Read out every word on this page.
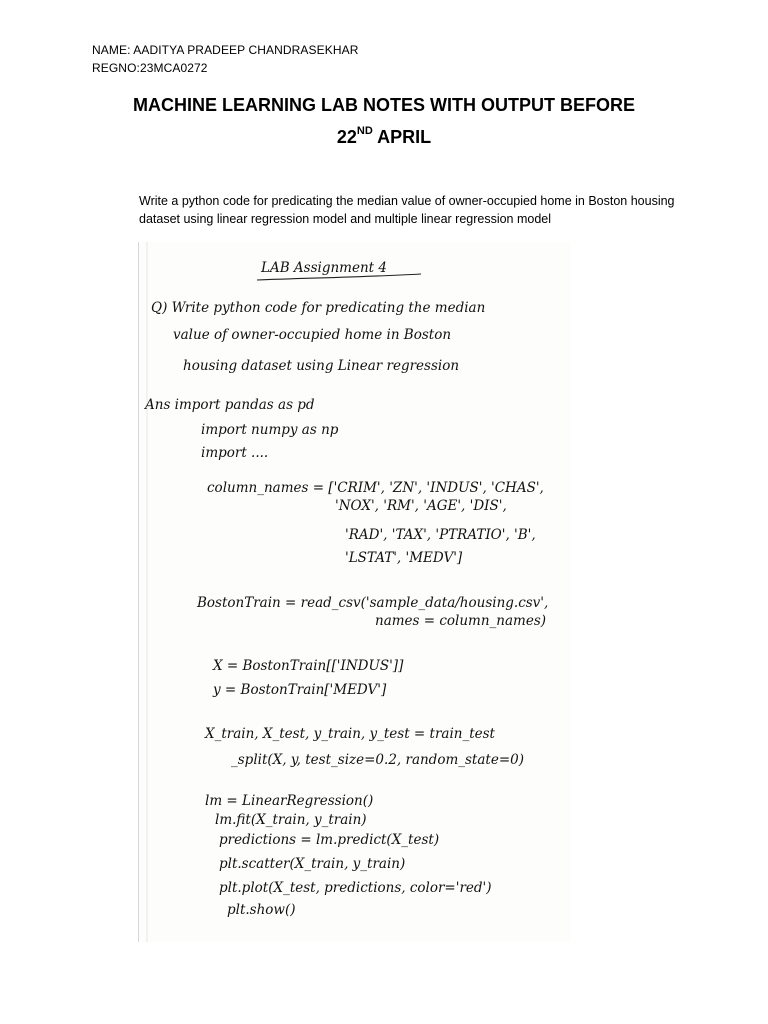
NAME: AADITYA PRADEEP CHANDRASEKHAR
REGNO:23MCA0272
MACHINE LEARNING LAB NOTES WITH OUTPUT BEFORE
22ND APRIL
Write a python code for predicating the median value of owner-occupied home in Boston housing dataset using linear regression model and multiple linear regression model
LAB Assignment 4
Q) Write python code for predicating the median
value of owner-occupied home in Boston
housing dataset using Linear regression
Ans import pandas as pd
import numpy as np
import ....
column_names = ['CRIM', 'ZN', 'INDUS', 'CHAS',
'NOX', 'RM', 'AGE', 'DIS',
'RAD', 'TAX', 'PTRATIO', 'B',
'LSTAT', 'MEDV']
BostonTrain = read_csv('sample_data/housing.csv',
names = column_names)
X = BostonTrain[['INDUS']]
y = BostonTrain['MEDV']
X_train, X_test, y_train, y_test = train_test
_split(X, y, test_size=0.2, random_state=0)
lm = LinearRegression()
lm.fit(X_train, y_train)
predictions = lm.predict(X_test)
plt.scatter(X_train, y_train)
plt.plot(X_test, predictions, color='red')
plt.show()
